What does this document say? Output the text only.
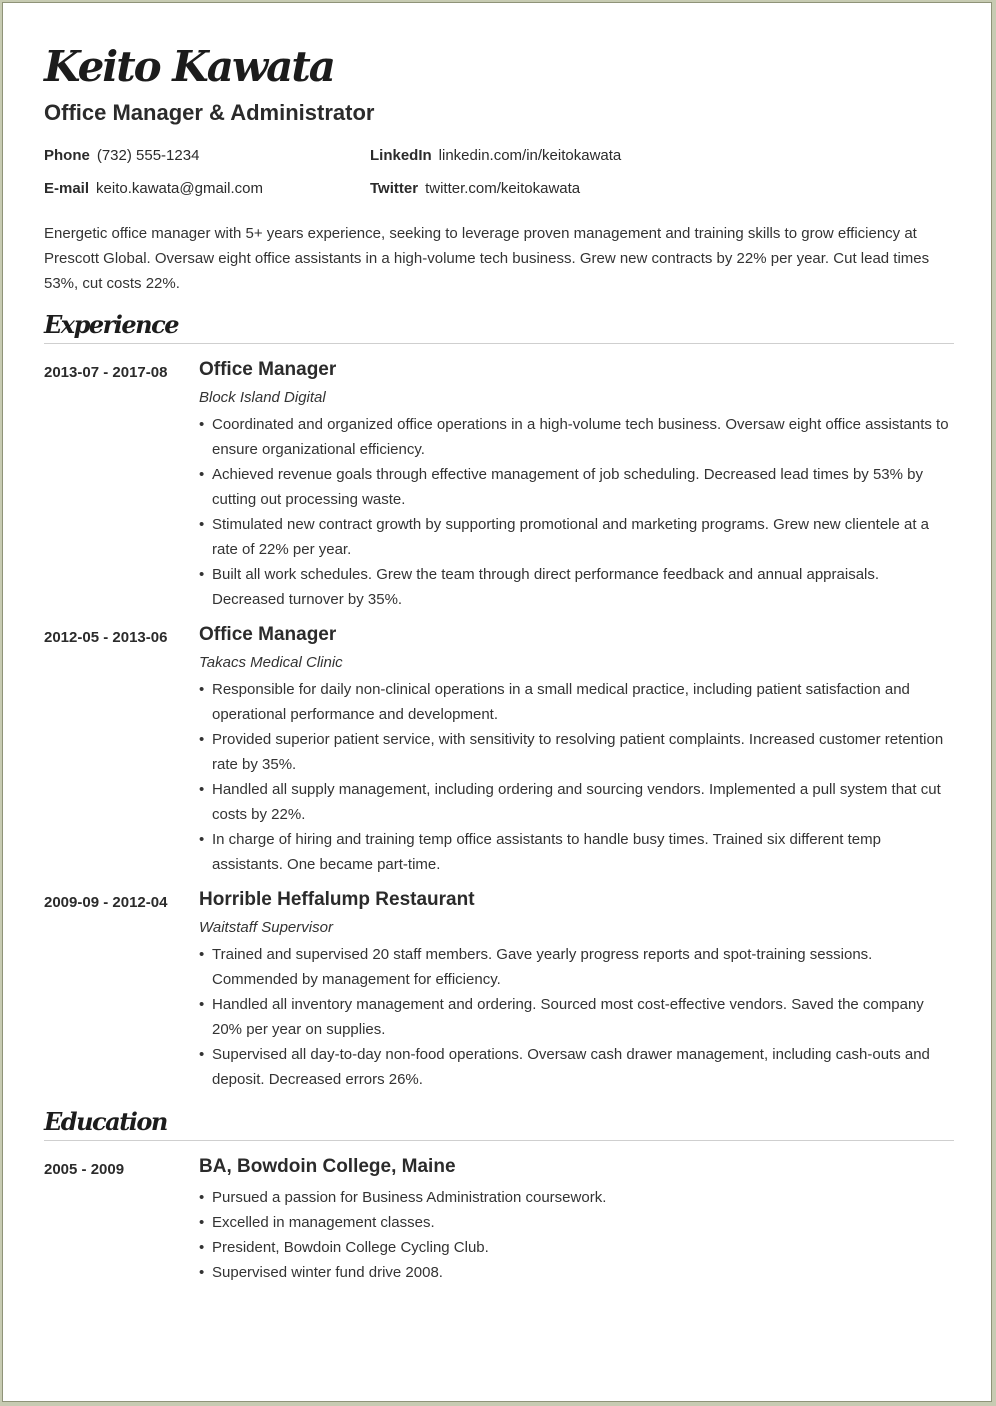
Keito Kawata
Office Manager & Administrator
Phone (732) 555-1234	LinkedIn linkedin.com/in/keitokawata
E-mail keito.kawata@gmail.com	Twitter twitter.com/keitokawata

Energetic office manager with 5+ years experience, seeking to leverage proven management and training skills to grow efficiency at Prescott Global. Oversaw eight office assistants in a high-volume tech business. Grew new contracts by 22% per year. Cut lead times 53%, cut costs 22%.

Experience
2013-07 - 2017-08 Office Manager
Block Island Digital
• Coordinated and organized office operations in a high-volume tech business. Oversaw eight office assistants to ensure organizational efficiency.
• Achieved revenue goals through effective management of job scheduling. Decreased lead times by 53% by cutting out processing waste.
• Stimulated new contract growth by supporting promotional and marketing programs. Grew new clientele at a rate of 22% per year.
• Built all work schedules. Grew the team through direct performance feedback and annual appraisals. Decreased turnover by 35%.
2012-05 - 2013-06 Office Manager
Takacs Medical Clinic
• Responsible for daily non-clinical operations in a small medical practice, including patient satisfaction and operational performance and development.
• Provided superior patient service, with sensitivity to resolving patient complaints. Increased customer retention rate by 35%.
• Handled all supply management, including ordering and sourcing vendors. Implemented a pull system that cut costs by 22%.
• In charge of hiring and training temp office assistants to handle busy times. Trained six different temp assistants. One became part-time.
2009-09 - 2012-04 Horrible Heffalump Restaurant
Waitstaff Supervisor
• Trained and supervised 20 staff members. Gave yearly progress reports and spot-training sessions. Commended by management for efficiency.
• Handled all inventory management and ordering. Sourced most cost-effective vendors. Saved the company 20% per year on supplies.
• Supervised all day-to-day non-food operations. Oversaw cash drawer management, including cash-outs and deposit. Decreased errors 26%.
Education
2005 - 2009	BA, Bowdoin College, Maine
• Pursued a passion for Business Administration coursework.
• Excelled in management classes.
• President, Bowdoin College Cycling Club.
• Supervised winter fund drive 2008.
